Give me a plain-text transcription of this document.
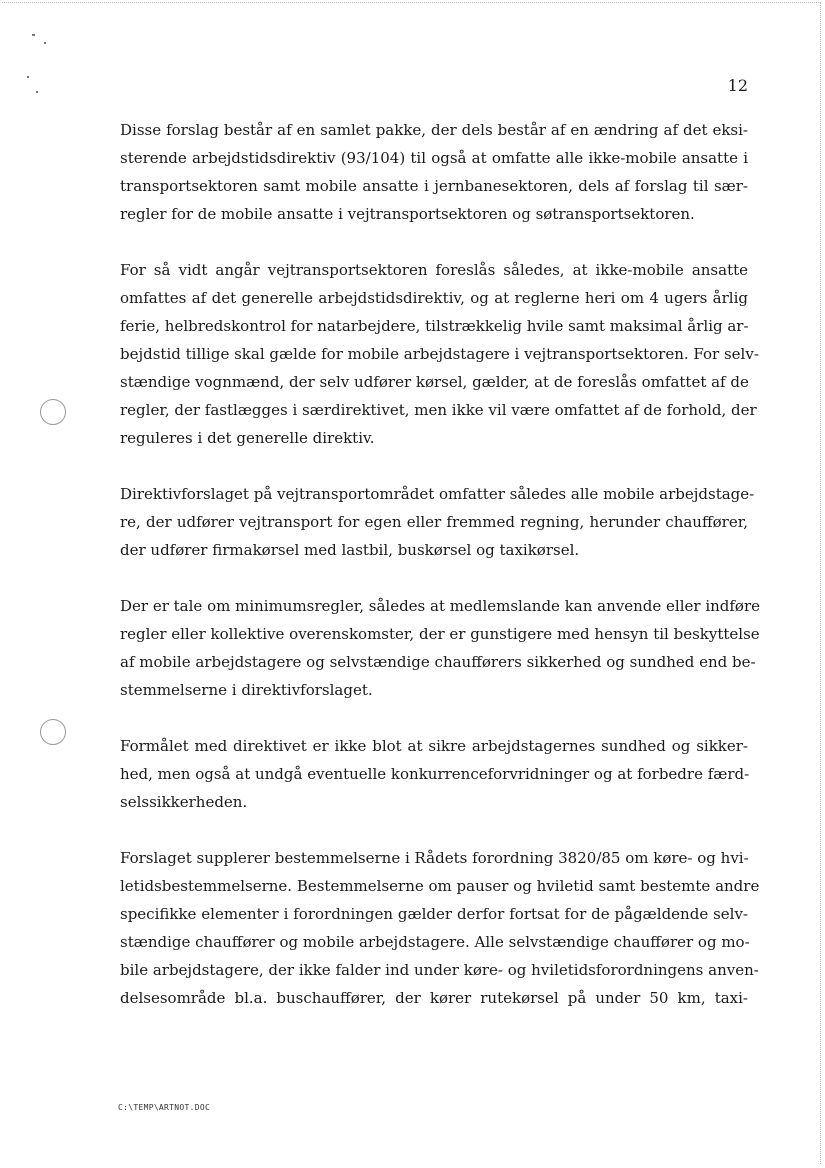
12

Disse forslag består af en samlet pakke, der dels består af en ændring af det eksi-
sterende arbejdstidsdirektiv (93/104) til også at omfatte alle ikke-mobile ansatte i
transportsektoren samt mobile ansatte i jernbanesektoren, dels af forslag til sær-
regler for de mobile ansatte i vejtransportsektoren og søtransportsektoren.

For så vidt angår vejtransportsektoren foreslås således, at ikke-mobile ansatte
omfattes af det generelle arbejdstidsdirektiv, og at reglerne heri om 4 ugers årlig
ferie, helbredskontrol for natarbejdere, tilstrækkelig hvile samt maksimal årlig ar-
bejdstid tillige skal gælde for mobile arbejdstagere i vejtransportsektoren. For selv-
stændige vognmænd, der selv udfører kørsel, gælder, at de foreslås omfattet af de
regler, der fastlægges i særdirektivet, men ikke vil være omfattet af de forhold, der
reguleres i det generelle direktiv.

Direktivforslaget på vejtransportområdet omfatter således alle mobile arbejdstage-
re, der udfører vejtransport for egen eller fremmed regning, herunder chauffører,
der udfører firmakørsel med lastbil, buskørsel og taxikørsel.

Der er tale om minimumsregler, således at medlemslande kan anvende eller indføre
regler eller kollektive overenskomster, der er gunstigere med hensyn til beskyttelse
af mobile arbejdstagere og selvstændige chaufførers sikkerhed og sundhed end be-
stemmelserne i direktivforslaget.

Formålet med direktivet er ikke blot at sikre arbejdstagernes sundhed og sikker-
hed, men også at undgå eventuelle konkurrenceforvridninger og at forbedre færd-
selssikkerheden.

Forslaget supplerer bestemmelserne i Rådets forordning 3820/85 om køre- og hvi-
letidsbestemmelserne. Bestemmelserne om pauser og hviletid samt bestemte andre
specifikke elementer i forordningen gælder derfor fortsat for de pågældende selv-
stændige chauffører og mobile arbejdstagere. Alle selvstændige chauffører og mo-
bile arbejdstagere, der ikke falder ind under køre- og hviletidsforordningens anven-
delsesområde bl.a. buschauffører, der kører rutekørsel på under 50 km, taxi-

C:\TEMP\ARTNOT.DOC
